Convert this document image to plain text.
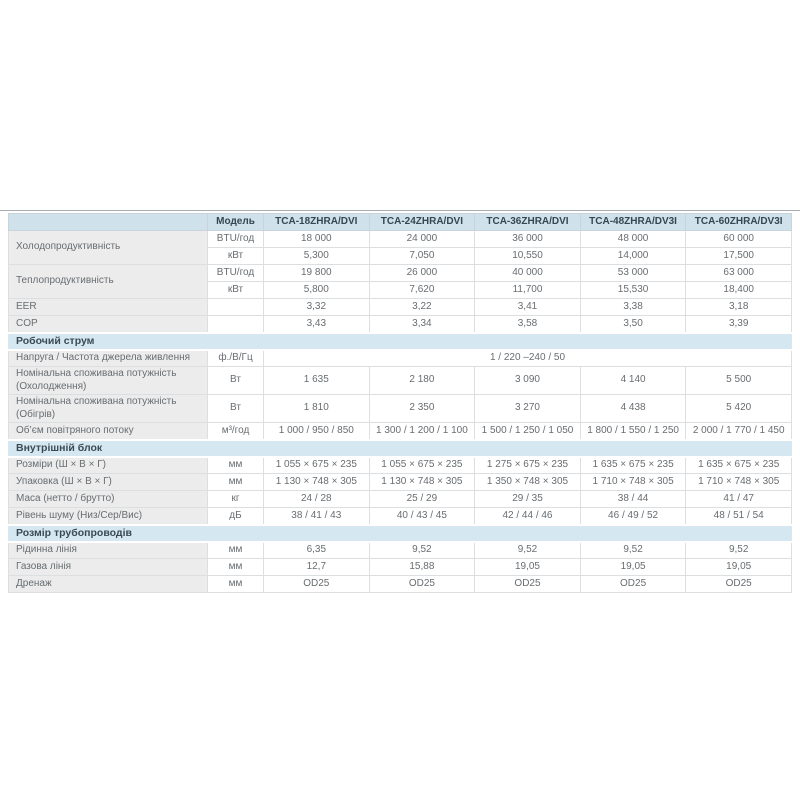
	Модель	TCA-18ZHRA/DVI	TCA-24ZHRA/DVI	TCA-36ZHRA/DVI	TCA-48ZHRA/DV3I	TCA-60ZHRA/DV3I
Холодопродуктивність	BTU/год	18 000	24 000	36 000	48 000	60 000
	кВт	5,300	7,050	10,550	14,000	17,500
Теплопродуктивність	BTU/год	19 800	26 000	40 000	53 000	63 000
	кВт	5,800	7,620	11,700	15,530	18,400
EER		3,32	3,22	3,41	3,38	3,18
COP		3,43	3,34	3,58	3,50	3,39
Робочий струм						
Напруга / Частота джерела живлення	ф./В/Гц	1 / 220 –240 / 50				
Номінальна споживана потужність (Охолодження)	Вт	1 635	2 180	3 090	4 140	5 500
Номінальна споживана потужність (Обігрів)	Вт	1 810	2 350	3 270	4 438	5 420
Об’єм повітряного потоку	м³/год	1 000 / 950 / 850	1 300 / 1 200 / 1 100	1 500 / 1 250 / 1 050	1 800 / 1 550 / 1 250	2 000 / 1 770 / 1 450
Внутрішній блок						
Розміри (Ш × В × Г)	мм	1 055 × 675 × 235	1 055 × 675 × 235	1 275 × 675 × 235	1 635 × 675 × 235	1 635 × 675 × 235
Упаковка (Ш × В × Г)	мм	1 130 × 748 × 305	1 130 × 748 × 305	1 350 × 748 × 305	1 710 × 748 × 305	1 710 × 748 × 305
Маса (нетто / брутто)	кг	24 / 28	25 / 29	29 / 35	38 / 44	41 / 47
Рівень шуму (Низ/Сер/Вис)	дБ	38 / 41 / 43	40 / 43 / 45	42 / 44 / 46	46 / 49 / 52	48 / 51 / 54
Розмір трубопроводів						
Рідинна лінія	мм	6,35	9,52	9,52	9,52	9,52
Газова лінія	мм	12,7	15,88	19,05	19,05	19,05
Дренаж	мм	OD25	OD25	OD25	OD25	OD25
